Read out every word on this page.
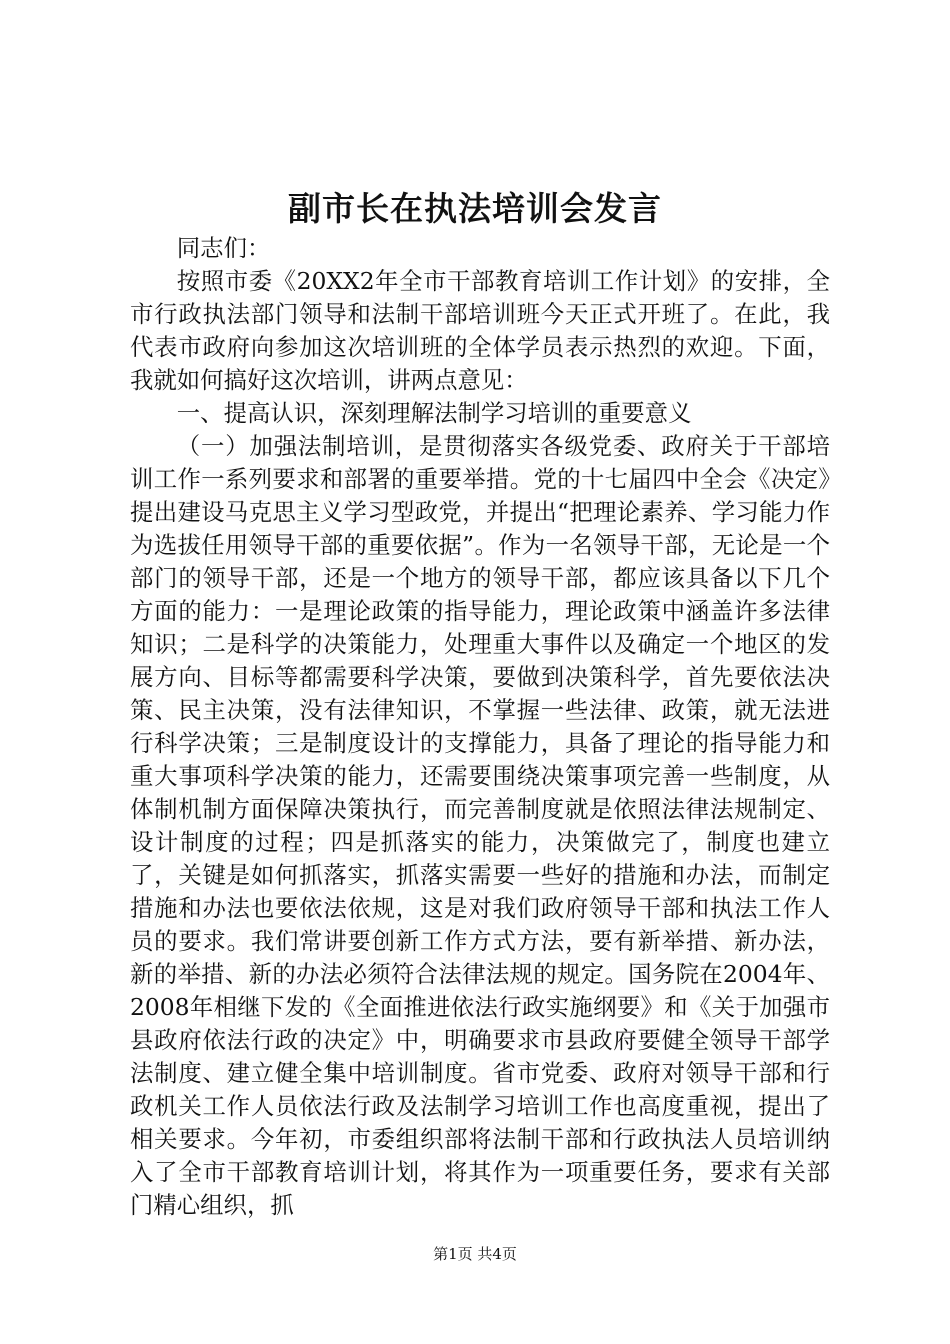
副市长在执法培训会发言

同志们：

按照市委《20XX2年全市干部教育培训工作计划》的安排，全市行政执法部门领导和法制干部培训班今天正式开班了。在此，我代表市政府向参加这次培训班的全体学员表示热烈的欢迎。下面，我就如何搞好这次培训，讲两点意见：

一、提高认识，深刻理解法制学习培训的重要意义

（一）加强法制培训，是贯彻落实各级党委、政府关于干部培训工作一系列要求和部署的重要举措。党的十七届四中全会《决定》提出建设马克思主义学习型政党，并提出“把理论素养、学习能力作为选拔任用领导干部的重要依据”。作为一名领导干部，无论是一个部门的领导干部，还是一个地方的领导干部，都应该具备以下几个方面的能力：一是理论政策的指导能力，理论政策中涵盖许多法律知识；二是科学的决策能力，处理重大事件以及确定一个地区的发展方向、目标等都需要科学决策，要做到决策科学，首先要依法决策、民主决策，没有法律知识，不掌握一些法律、政策，就无法进行科学决策；三是制度设计的支撑能力，具备了理论的指导能力和重大事项科学决策的能力，还需要围绕决策事项完善一些制度，从体制机制方面保障决策执行，而完善制度就是依照法律法规制定、设计制度的过程；四是抓落实的能力，决策做完了，制度也建立了，关键是如何抓落实，抓落实需要一些好的措施和办法，而制定措施和办法也要依法依规，这是对我们政府领导干部和执法工作人员的要求。我们常讲要创新工作方式方法，要有新举措、新办法，新的举措、新的办法必须符合法律法规的规定。国务院在2004年、2008年相继下发的《全面推进依法行政实施纲要》和《关于加强市县政府依法行政的决定》中，明确要求市县政府要健全领导干部学法制度、建立健全集中培训制度。省市党委、政府对领导干部和行政机关工作人员依法行政及法制学习培训工作也高度重视，提出了相关要求。今年初，市委组织部将法制干部和行政执法人员培训纳入了全市干部教育培训计划，将其作为一项重要任务，要求有关部门精心组织，抓

第1页 共4页
